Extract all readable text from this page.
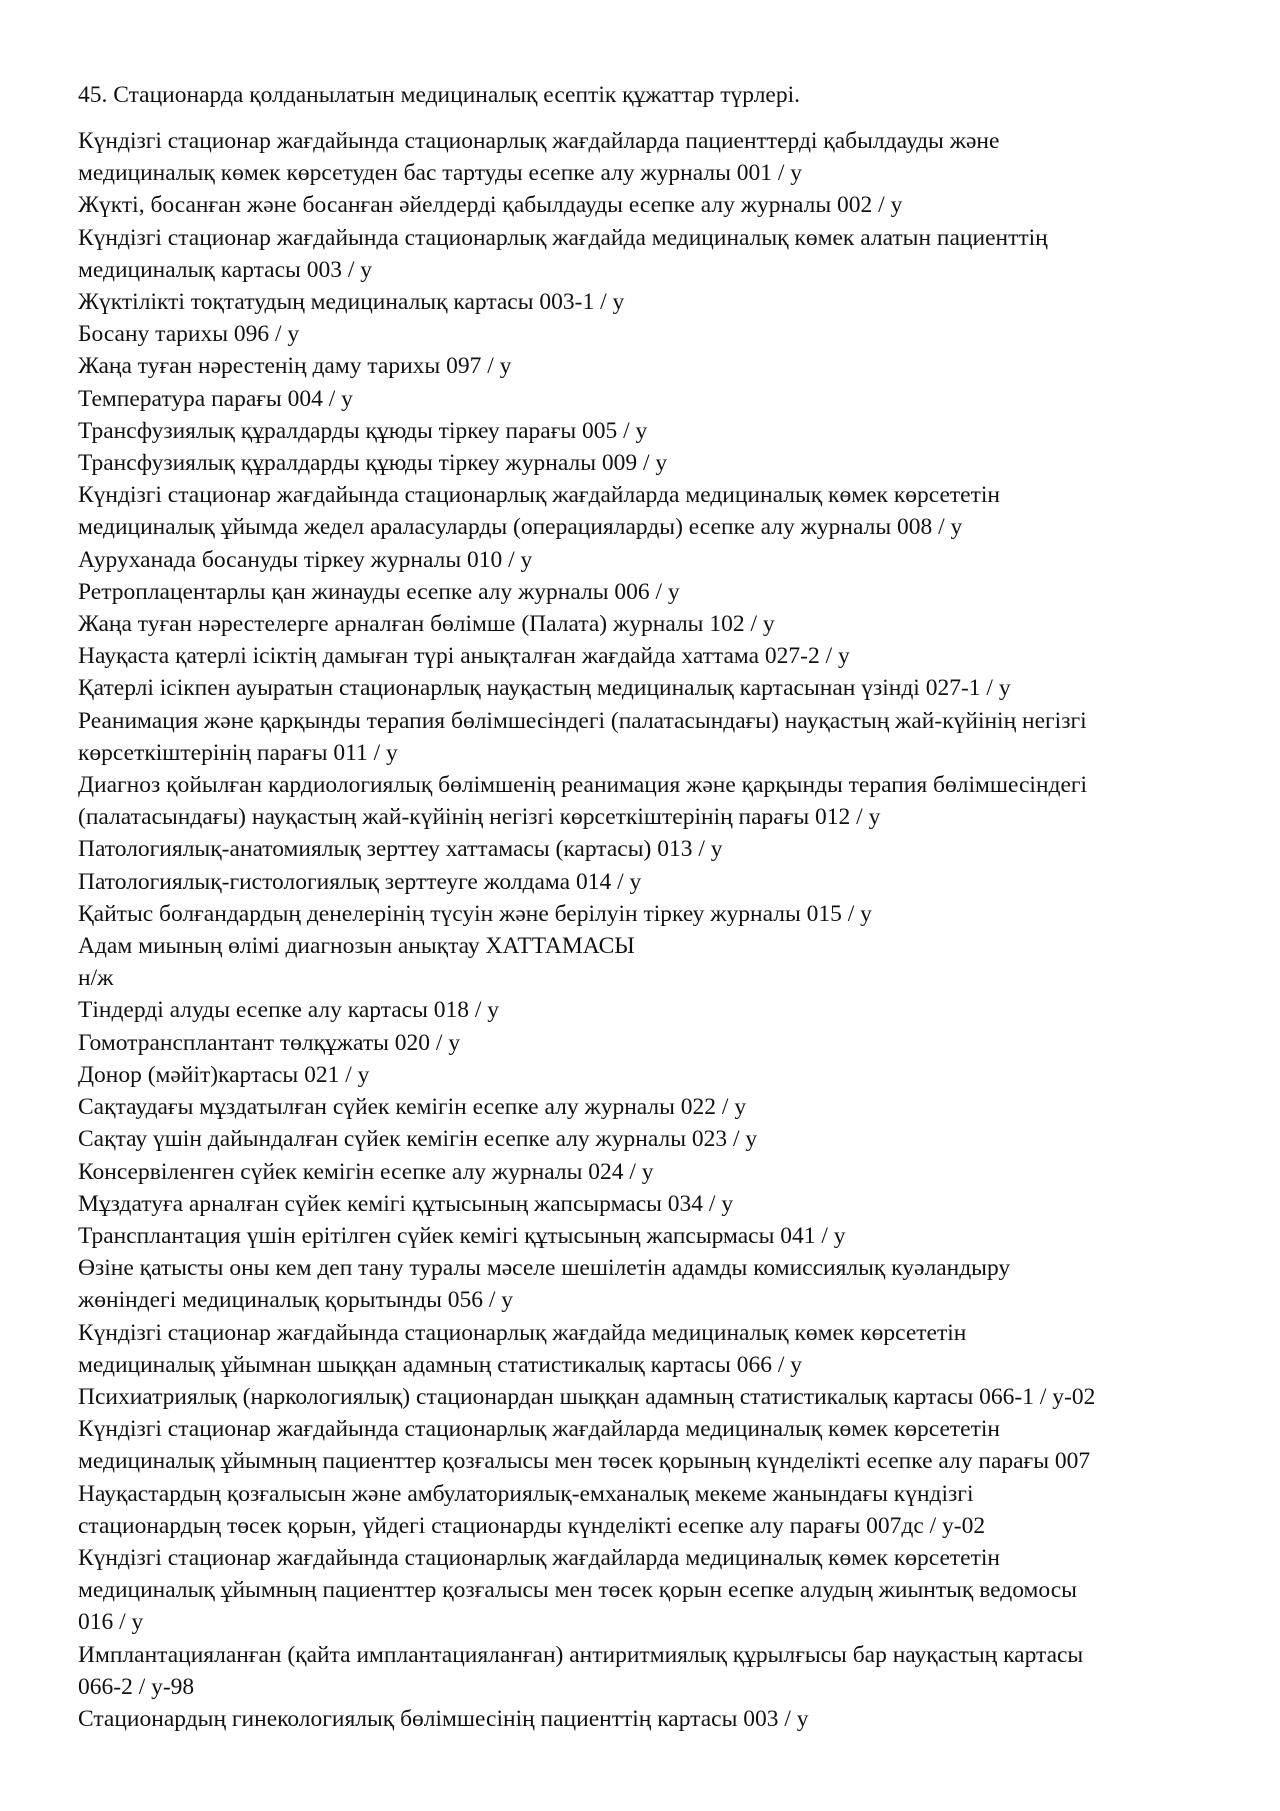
45. Стационарда қолданылатын медициналық есептік құжаттар түрлері.

Күндізгі стационар жағдайында стационарлық жағдайларда пациенттерді қабылдауды және
медициналық көмек көрсетуден бас тартуды есепке алу журналы 001 / у
Жүкті, босанған және босанған әйелдерді қабылдауды есепке алу журналы 002 / у
Күндізгі стационар жағдайында стационарлық жағдайда медициналық көмек алатын пациенттің
медициналық картасы 003 / у
Жүктілікті тоқтатудың медициналық картасы 003-1 / у
Босану тарихы 096 / у
Жаңа туған нәрестенің даму тарихы 097 / у
Температура парағы 004 / у
Трансфузиялық құралдарды құюды тіркеу парағы 005 / у
Трансфузиялық құралдарды құюды тіркеу журналы 009 / у
Күндізгі стационар жағдайында стационарлық жағдайларда медициналық көмек көрсететін
медициналық ұйымда жедел араласуларды (операцияларды) есепке алу журналы 008 / у
Ауруханада босануды тіркеу журналы 010 / у
Ретроплацентарлы қан жинауды есепке алу журналы 006 / у
Жаңа туған нәрестелерге арналған бөлімше (Палата) журналы 102 / у
Науқаста қатерлі ісіктің дамыған түрі анықталған жағдайда хаттама 027-2 / у
Қатерлі ісікпен ауыратын стационарлық науқастың медициналық картасынан үзінді 027-1 / у
Реанимация және қарқынды терапия бөлімшесіндегі (палатасындағы) науқастың жай-күйінің негізгі
көрсеткіштерінің парағы 011 / у
Диагноз қойылған кардиологиялық бөлімшенің реанимация және қарқынды терапия бөлімшесіндегі
(палатасындағы) науқастың жай-күйінің негізгі көрсеткіштерінің парағы 012 / у
Патологиялық-анатомиялық зерттеу хаттамасы (картасы) 013 / у
Патологиялық-гистологиялық зерттеуге жолдама 014 / у
Қайтыс болғандардың денелерінің түсуін және берілуін тіркеу журналы 015 / у
Адам миының өлімі диагнозын анықтау ХАТТАМАСЫ
н/ж
Тіндерді алуды есепке алу картасы 018 / у
Гомотрансплантант төлқұжаты 020 / у
Донор (мәйіт)картасы 021 / у
Сақтаудағы мұздатылған сүйек кемігін есепке алу журналы 022 / у
Сақтау үшін дайындалған сүйек кемігін есепке алу журналы 023 / у
Консервіленген сүйек кемігін есепке алу журналы 024 / у
Мұздатуға арналған сүйек кемігі құтысының жапсырмасы 034 / у
Трансплантация үшін ерітілген сүйек кемігі құтысының жапсырмасы 041 / у
Өзіне қатысты оны кем деп тану туралы мәселе шешілетін адамды комиссиялық куәландыру
жөніндегі медициналық қорытынды 056 / у
Күндізгі стационар жағдайында стационарлық жағдайда медициналық көмек көрсететін
медициналық ұйымнан шыққан адамның статистикалық картасы 066 / у
Психиатриялық (наркологиялық) стационардан шыққан адамның статистикалық картасы 066-1 / у-02
Күндізгі стационар жағдайында стационарлық жағдайларда медициналық көмек көрсететін
медициналық ұйымның пациенттер қозғалысы мен төсек қорының күнделікті есепке алу парағы 007
Науқастардың қозғалысын және амбулаториялық-емханалық мекеме жанындағы күндізгі
стационардың төсек қорын, үйдегі стационарды күнделікті есепке алу парағы 007дс / у-02
Күндізгі стационар жағдайында стационарлық жағдайларда медициналық көмек көрсететін
медициналық ұйымның пациенттер қозғалысы мен төсек қорын есепке алудың жиынтық ведомосы
016 / у
Имплантацияланған (қайта имплантацияланған) антиритмиялық құрылғысы бар науқастың картасы
066-2 / у-98
Стационардың гинекологиялық бөлімшесінің пациенттің картасы 003 / у
